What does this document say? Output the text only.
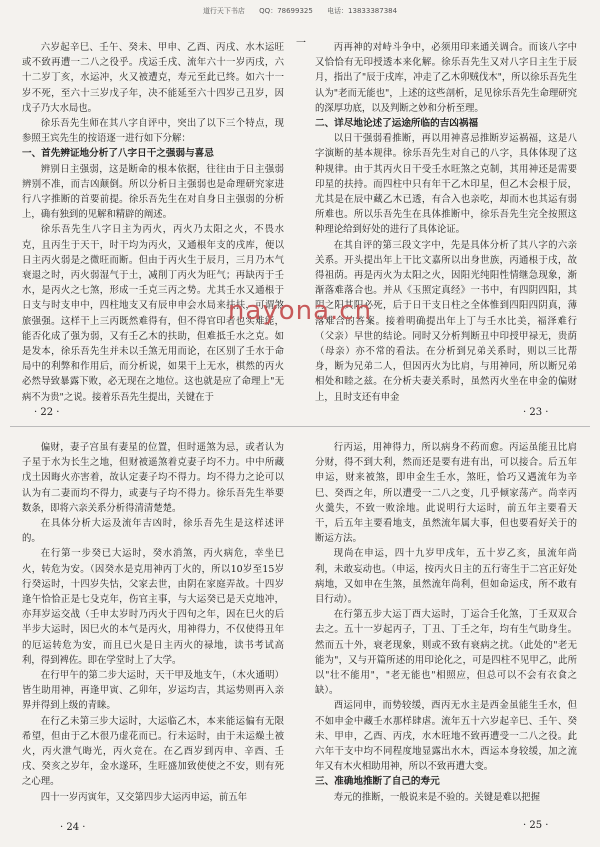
道行天下书店 QQ：78699325 电话：13833387384
一

六岁起辛巳、壬午、癸未、甲申、乙酉、丙戌、水木运旺或不致再遭一二八之役乎。戌运壬戌、流年六十一岁丙戌，六十二岁丁亥，水运冲，火又被遭克，寿元至此已终。如六十一岁不死，至六十三岁戊子年，决不能延至六十四岁己丑岁，因戊子乃大水局也。

徐乐吾先生师在其八字自评中，突出了以下三个特点，现参照王宾先生的按语逐一进行如下分解：

一、首先辨证地分析了八字日干之强弱与喜忌

辨别日主强弱，这是断命的根本依据，往往由于日主强弱辨别不准，而吉凶颠倒。所以分析日主强弱也是命理研究家进行八字推断的首要前提。徐乐吾先生在对自身日主强弱的分析上，确有独到的见解和精辟的阐述。

徐乐吾先生八字日主为丙火，丙火乃太阳之火，不畏水克，且丙生于天干，时干均为丙火，又通根年支的戌库，便以日主丙火弱是之微旺而断。但由于丙火生于辰月，三月乃木气衰退之时，丙火弱湿气于土，减削丁丙火为旺气；再缺丙于壬水，是丙火之七煞，形成一壬克三丙之势。尤其壬水又通根于日支与时支申中，四柱地支又有辰申申会水局来扶扶，可谓煞旅强强。这样干上三丙既然难得有，但不得官印者也实难能，能否化成了强为弱，又有壬乙木的扶助，但难抵壬水之克。如是发本，徐乐吾先生并未以壬煞无用而论，在区别了壬水于命局中的利弊和作用后，而分析说，如果干上无水，棋然的丙火必然导致暴露下败，必无现在之地位。这也就是应了命理上"无病不为贵"之说。接着乐吾先生提出，关键在于

丙再神的对峙斗争中，必须用印来通关调合。而该八字中又恰恰有无印授透本来化解。徐乐吾先生又对八字日主生于辰月，指出了"辰于戌库，冲走了乙木卯贼伐木"，所以徐乐吾先生认为"老而无能也"，上述的这些剖析，足见徐乐吾先生命理研究的深厚功底，以及判断之妙和分析至理。

二、详尽地论述了运途所临的吉凶祸福

以日干强弱看推断，再以用神喜忌推断岁运祸福，这是八字演断的基本规律。徐乐吾先生对自己的八字，具体体现了这种规律。由于其丙火日干受壬水旺煞之克制，其用神还是需要印星的扶持。而四柱中只有年干乙木印星，但乙木会根于辰，尤其是在辰中藏乙木已透，有合入也亲吃，却而木也其运有弱所难也。所以乐吾先生在具体推断中，徐乐吾先生完全按照这种理论给到好处的进行了具体论证。

在其自评的第三段文字中，先是具体分析了其八字的六亲关系。开头提出年上干比文嘉所以出身世族，丙通根于戌，故得祖荫。再是丙火为太阳之火，因阳光纯阳性情继急现象，渐渐落难落合也。并从《玉照定真经》一书中，有四阴四阳，其阴之阳其阳必死，后于日干支日柱之全体惟到四阳四阴真，薄落难合的答案。接着明确提出年上丁与壬水比美，福泽难行（父亲）早世的结论。同时又分析判断丑中印授甲禄无，贵荫（母亲）亦不常的看法。在分析到兄弟关系时，则以三比帮身，断为兄弟二人，但因丙火为比肩，与用神同，所以断兄弟相处和睦之兹。在分析夫妻关系时，虽然丙火坐在申金的偏财上，且时支还有申金

偏财，妻子宫虽有妻星的位置，但时遥煞为忌，或者认为子星于水为长生之地，但财被遥煞着克妻子均不力。中中所藏戊土因晦火亦害着，故认定妻子均不得力。均不得力之论可以认为有二妻而均不得力，或妻与子均不得力。徐乐吾先生举要数条，即将六亲关系分析得清清楚楚。

在具体分析大运及流年吉凶时，徐乐吾先生是这样述评的。

在行第一步癸已大运时，癸水消煞，丙火病危，幸坐巳火，转危为安。（因癸水是克用神丙丁火的，所以10岁至15岁行癸运时，十四岁失怙，父家去世，由阴在家庭弄故。十四岁逢午恰恰正是七殳克年，伤官主事，与大运癸已是天克地冲，亦拜岁运交战（壬申太岁时乃丙火于四旬之年，因在巳火的后半步大运时，因巳火的本气是丙火，用神得力，不仅使得丑年的厄运转危为安，而且已火是日主丙火的禄地，读书考试高利，得到裨佐。即在学堂时上了大学。

在行甲午的第二步大运时，天干甲及地支午，（木火通明）皆生助用神，再逢甲寅、乙卯年，岁运均吉，其运势则再入亲界并得到上级的青睐。

在行乙未第三步大运时，大运临乙木，本来能运偏有无限希望，但由于乙木很乃虚花而已。行未运时，由于未运燥土被火，丙火泄气晦光，丙火竞在。在乙酉岁到丙申、辛酉、壬戌、癸亥之岁年，金水遂环，生旺盛加致使使之不安，则有死之心理。

四十一岁丙寅年，又交第四步大运丙申运，前五年

行丙运，用神得力，所以病身不药而愈。丙运虽能丑比肩分财，得不到大利，然而还是要有进有出，可以接合。后五年申运，财来被煞，即申金生壬水，煞旺，恰巧又遇流年为辛巳、癸酉之年，所以遭受一二八之变，几乎倾家荡产。尚幸丙火羹失，不致一败涂地。此说明行大运时，前五年主要看天干，后五年主要看地支，虽然流年属大事，但也要看好关于的断运方法。

现尚在申运，四十九岁甲戌年，五十岁乙亥，虽流年尚利，未敢妄动也。（申运，按丙火日主的五行寄生于二宫正好处病地，又如申在生煞，虽然流年尚利，但如命运戌，所不敢有目行动）。

在行第五步大运丁酉大运时，丁运合壬化煞，丁壬双双合去之。五十一岁起丙子，丁丑、丁壬之年，均有生气助身生。然而五十外，衰老现象，则或不致有衰病之扰。（此处的"老无能为"，又与开篇所述的用印论化之，可是四柱不见甲乙，此所以"壮不能用"，"老无能也"相照应，但总可以不会有衣食之缺）。

酉运同申，而势较缓，酉丙无水主是西金虽能生壬水，但不如申金中藏壬水那样肆虐。流年五十六岁起辛巳、壬午、癸未、甲申，乙酉、丙戌，水木旺地不致再遭受一二八之役。此六年干支中均不同程度地显露出水木，酉运本身较缓，加之流年又有木火相助用神，所以不致再遭大变。

三、准确地推断了自己的寿元

寿元的推断，一般说来是不验的。关键是难以把握

· 22 ·	· 23 ·
· 24 ·	· 25 ·
nayona.cn
